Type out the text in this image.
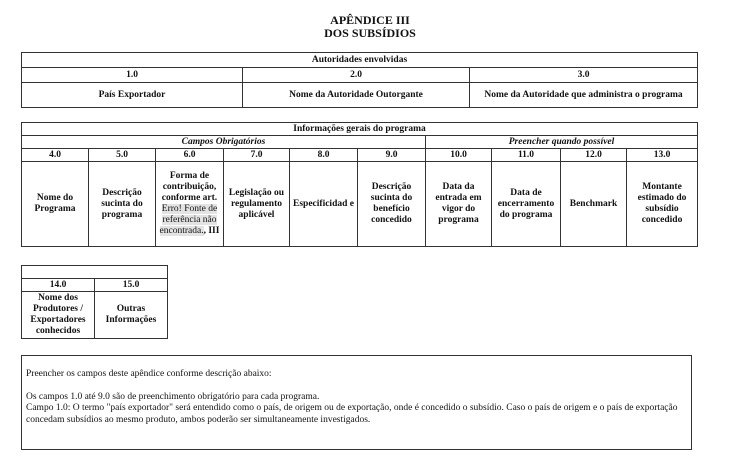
APÊNDICE III
DOS SUBSÍDIOS
Autoridades envolvidas		
1.0	2.0	3.0
País Exportador	Nome da Autoridade Outorgante	Nome da Autoridade que administra o programa
Informações gerais do programa									
Campos Obrigatórios						Preencher quando possível			
4.0	5.0	6.0	7.0	8.0	9.0	10.0	11.0	12.0	13.0
Nome do Programa	Descrição sucinta do programa	Forma de contribuição, conforme art. Erro! Fonte de referência não encontrada., III	Legislação ou regulamento aplicável	Especificidad e	Descrição sucinta do benefício concedido	Data da entrada em vigor do programa	Data de encerramento do programa	Benchmark	Montante estimado do subsídio concedido

14.0	15.0
Nome dos Produtores / Exportadores conhecidos	Outras Informações

Preencher os campos deste apêndice conforme descrição abaixo:

Os campos 1.0 até 9.0 são de preenchimento obrigatório para cada programa.

Campo 1.0: O termo "país exportador" será entendido como o país, de origem ou de exportação, onde é concedido o subsídio. Caso o país de origem e o país de exportação concedam subsídios ao mesmo produto, ambos poderão ser simultaneamente investigados.
